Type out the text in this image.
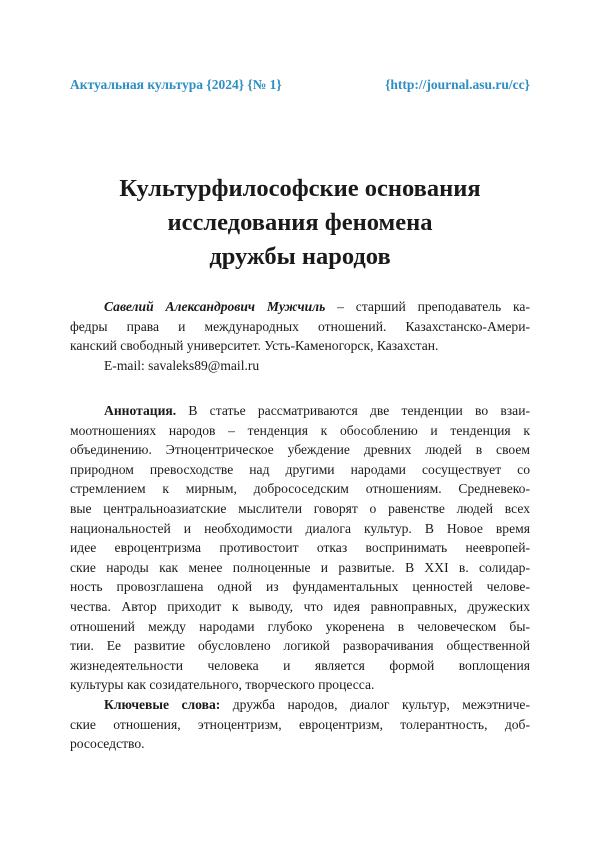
Актуальная культура {2024} {№ 1}	{http://journal.asu.ru/cc}
Культурфилософские основания
исследования феномена
дружбы народов
Савелий Александрович Мужчиль – старший преподаватель ка-
федры права и международных отношений. Казахстанско-Амери-
канский свободный университет. Усть-Каменогорск, Казахстан.
E-mail: savaleks89@mail.ru
Аннотация. В статье рассматриваются две тенденции во взаи-
моотношениях народов – тенденция к обособлению и тенденция к
объединению. Этноцентрическое убеждение древних людей в своем
природном превосходстве над другими народами сосуществует со
стремлением к мирным, добрососедским отношениям. Средневеко-
вые центральноазиатские мыслители говорят о равенстве людей всех
национальностей и необходимости диалога культур. В Новое время
идее евроцентризма противостоит отказ воспринимать неевропей-
ские народы как менее полноценные и развитые. В XXI в. солидар-
ность провозглашена одной из фундаментальных ценностей челове-
чества. Автор приходит к выводу, что идея равноправных, дружеских
отношений между народами глубоко укоренена в человеческом бы-
тии. Ее развитие обусловлено логикой разворачивания общественной
жизнедеятельности человека и является формой воплощения
культуры как созидательного, творческого процесса.
Ключевые слова: дружба народов, диалог культур, межэтниче-
ские отношения, этноцентризм, евроцентризм, толерантность, доб-
рососедство.
